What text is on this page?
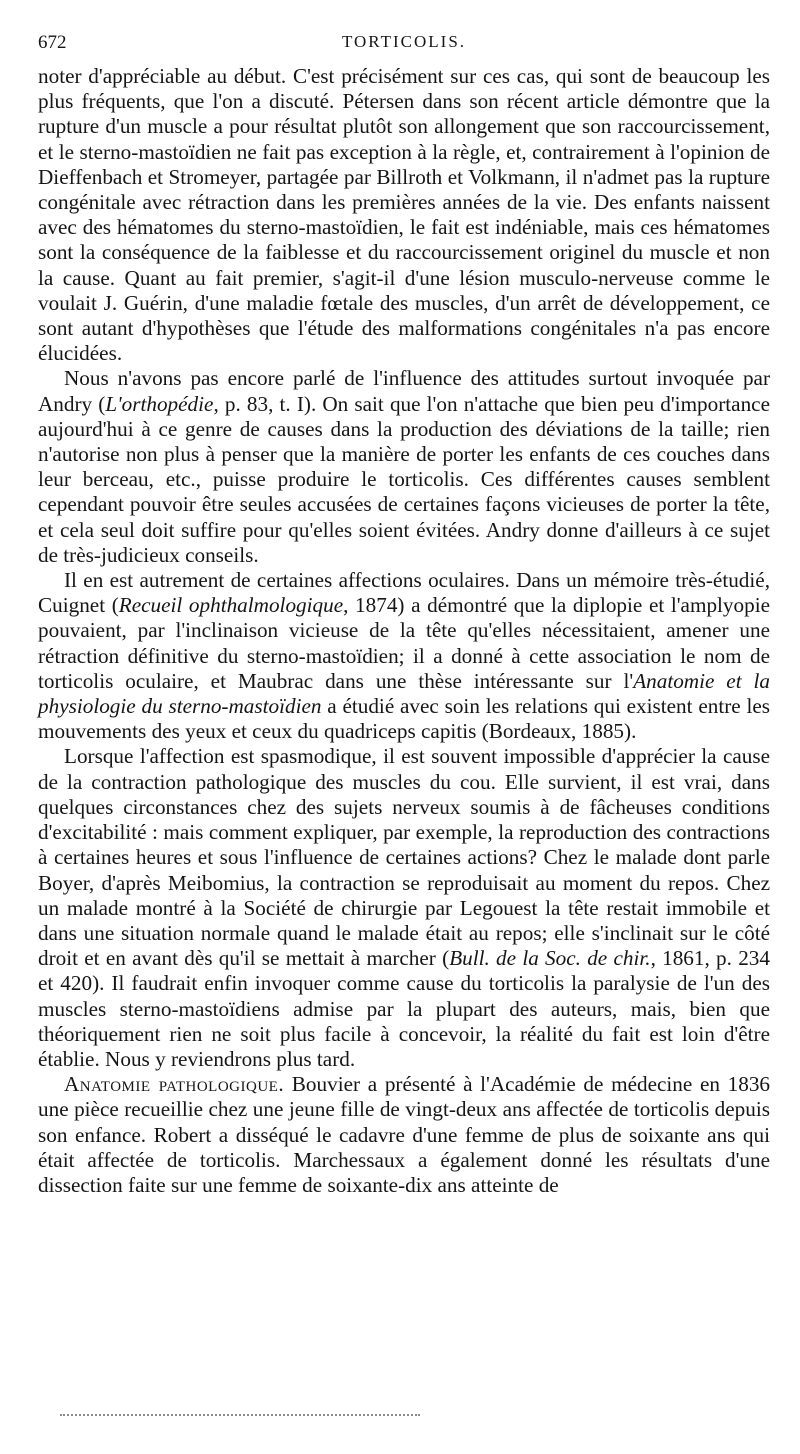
672	TORTICOLIS.

noter d'appréciable au début. C'est précisément sur ces cas, qui sont de beaucoup les plus fréquents, que l'on a discuté. Pétersen dans son récent article démontre que la rupture d'un muscle a pour résultat plutôt son allongement que son raccourcissement, et le sterno-mastoïdien ne fait pas exception à la règle, et, contrairement à l'opinion de Dieffenbach et Stromeyer, partagée par Billroth et Volkmann, il n'admet pas la rupture congénitale avec rétraction dans les premières années de la vie. Des enfants naissent avec des hématomes du sterno-mastoïdien, le fait est indéniable, mais ces hématomes sont la conséquence de la faiblesse et du raccourcissement originel du muscle et non la cause. Quant au fait premier, s'agit-il d'une lésion musculo-nerveuse comme le voulait J. Guérin, d'une maladie fœtale des muscles, d'un arrêt de développement, ce sont autant d'hypothèses que l'étude des malformations congénitales n'a pas encore élucidées.

Nous n'avons pas encore parlé de l'influence des attitudes surtout invoquée par Andry (L'orthopédie, p. 83, t. I). On sait que l'on n'attache que bien peu d'importance aujourd'hui à ce genre de causes dans la production des déviations de la taille; rien n'autorise non plus à penser que la manière de porter les enfants de ces couches dans leur berceau, etc., puisse produire le torticolis. Ces différentes causes semblent cependant pouvoir être seules accusées de certaines façons vicieuses de porter la tête, et cela seul doit suffire pour qu'elles soient évitées. Andry donne d'ailleurs à ce sujet de très-judicieux conseils.

Il en est autrement de certaines affections oculaires. Dans un mémoire très-étudié, Cuignet (Recueil ophthalmologique, 1874) a démontré que la diplopie et l'amplyopie pouvaient, par l'inclinaison vicieuse de la tête qu'elles nécessitaient, amener une rétraction définitive du sterno-mastoïdien; il a donné à cette association le nom de torticolis oculaire, et Maubrac dans une thèse intéressante sur l'Anatomie et la physiologie du sterno-mastoïdien a étudié avec soin les relations qui existent entre les mouvements des yeux et ceux du quadriceps capitis (Bordeaux, 1885).

Lorsque l'affection est spasmodique, il est souvent impossible d'apprécier la cause de la contraction pathologique des muscles du cou. Elle survient, il est vrai, dans quelques circonstances chez des sujets nerveux soumis à de fâcheuses conditions d'excitabilité : mais comment expliquer, par exemple, la reproduction des contractions à certaines heures et sous l'influence de certaines actions? Chez le malade dont parle Boyer, d'après Meibomius, la contraction se reproduisait au moment du repos. Chez un malade montré à la Société de chirurgie par Legouest la tête restait immobile et dans une situation normale quand le malade était au repos; elle s'inclinait sur le côté droit et en avant dès qu'il se mettait à marcher (Bull. de la Soc. de chir., 1861, p. 234 et 420). Il faudrait enfin invoquer comme cause du torticolis la paralysie de l'un des muscles sterno-mastoïdiens admise par la plupart des auteurs, mais, bien que théoriquement rien ne soit plus facile à concevoir, la réalité du fait est loin d'être établie. Nous y reviendrons plus tard.

Anatomie pathologique. Bouvier a présenté à l'Académie de médecine en 1836 une pièce recueillie chez une jeune fille de vingt-deux ans affectée de torticolis depuis son enfance. Robert a disséqué le cadavre d'une femme de plus de soixante ans qui était affectée de torticolis. Marchessaux a également donné les résultats d'une dissection faite sur une femme de soixante-dix ans atteinte de
